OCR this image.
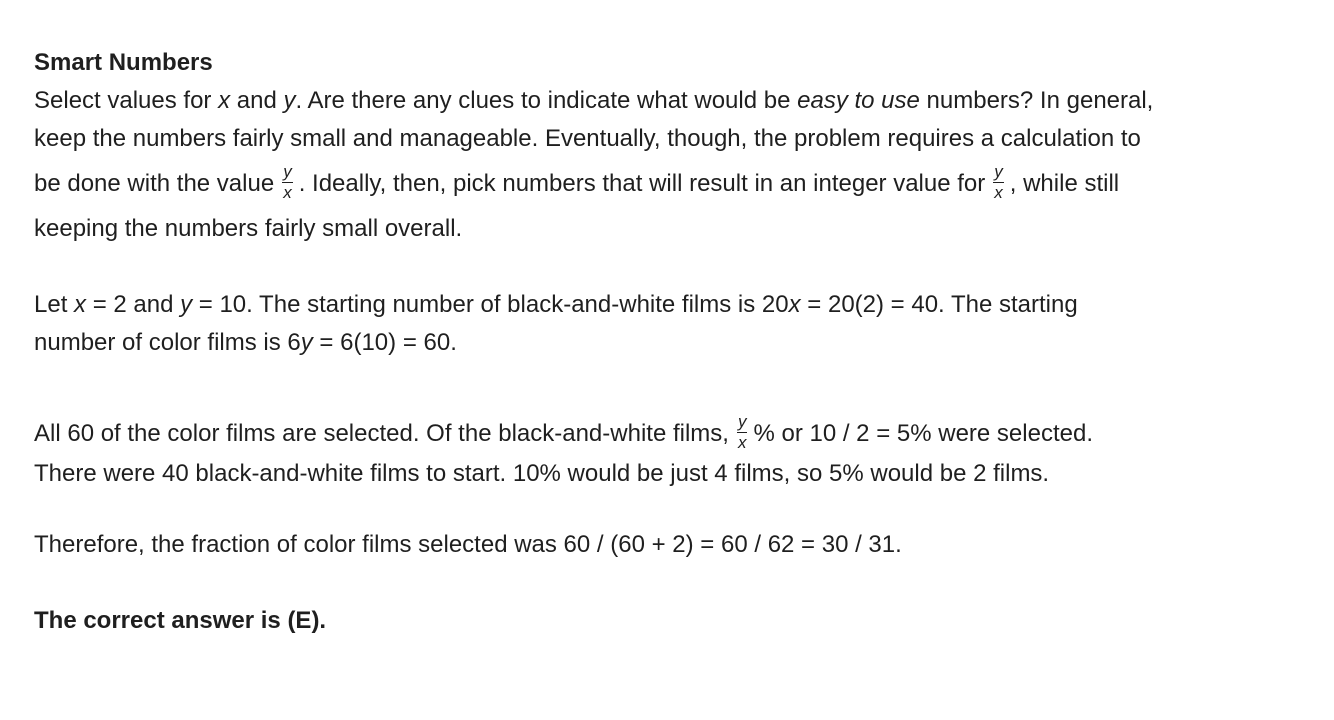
Smart Numbers
Select values for x and y. Are there any clues to indicate what would be easy to use numbers? In general,
keep the numbers fairly small and manageable. Eventually, though, the problem requires a calculation to
be done with the value $\frac{y}{x}$ . Ideally, then, pick numbers that will result in an integer value for $\frac{y}{x}$ , while still
keeping the numbers fairly small overall.

Let x = 2 and y = 10. The starting number of black-and-white films is 20x = 20(2) = 40. The starting
number of color films is 6y = 6(10) = 60.

All 60 of the color films are selected. Of the black-and-white films, $\frac{y}{x}$ % or 10 / 2 = 5% were selected.
There were 40 black-and-white films to start. 10% would be just 4 films, so 5% would be 2 films.

Therefore, the fraction of color films selected was 60 / (60 + 2) = 60 / 62 = 30 / 31.

The correct answer is (E).
